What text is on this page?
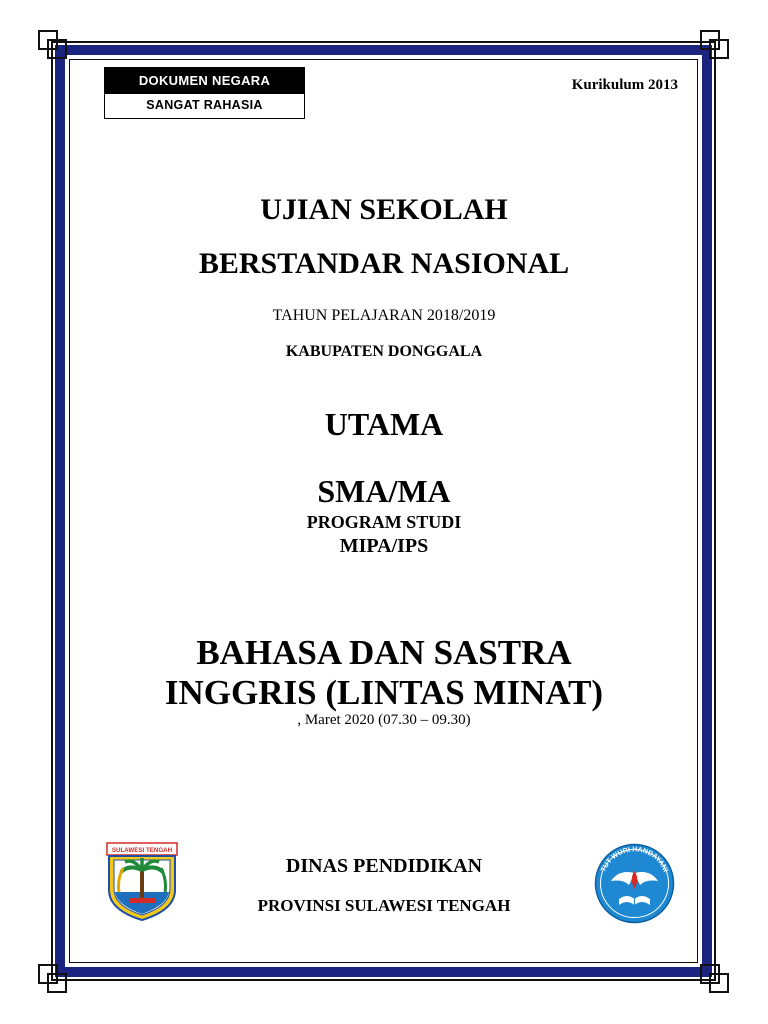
DOKUMEN NEGARA
SANGAT RAHASIA
Kurikulum 2013
UJIAN SEKOLAH
BERSTANDAR NASIONAL
TAHUN PELAJARAN 2018/2019
KABUPATEN DONGGALA
UTAMA
SMA/MA
PROGRAM STUDI
MIPA/IPS
BAHASA DAN SASTRA
INGGRIS (LINTAS MINAT)
, Maret 2020 (07.30 – 09.30)
DINAS PENDIDIKAN
PROVINSI SULAWESI TENGAH
SULAWESI TENGAH
TUT WURI HANDAYANI
